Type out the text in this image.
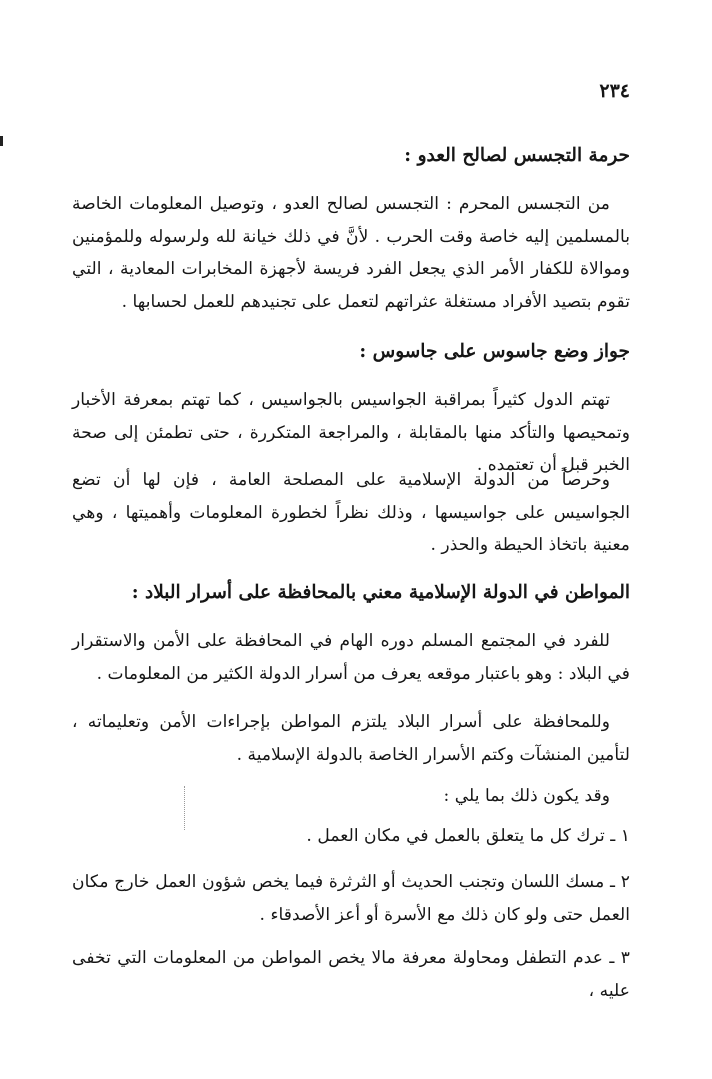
٢٣٤
حرمة التجسس لصالح العدو :
من التجسس المحرم : التجسس لصالح العدو ، وتوصيل المعلومات الخاصة بالمسلمين إليه خاصة وقت الحرب . لأنَّ في ذلك خيانة لله ولرسوله وللمؤمنين وموالاة للكفار الأمر الذي يجعل الفرد فريسة لأجهزة المخابرات المعادية ، التي تقوم بتصيد الأفراد مستغلة عثراتهم لتعمل على تجنيدهم للعمل لحسابها .
جواز وضع جاسوس على جاسوس :
تهتم الدول كثيراً بمراقبة الجواسيس بالجواسيس ، كما تهتم بمعرفة الأخبار وتمحيصها والتأكد منها بالمقابلة ، والمراجعة المتكررة ، حتى تطمئن إلى صحة الخبر قبل أن تعتمده .
وحرصاً من الدولة الإسلامية على المصلحة العامة ، فإن لها أن تضع الجواسيس على جواسيسها ، وذلك نظراً لخطورة المعلومات وأهميتها ، وهي معنية باتخاذ الحيطة والحذر .
المواطن في الدولة الإسلامية معني بالمحافظة على أسرار البلاد :
للفرد في المجتمع المسلم دوره الهام في المحافظة على الأمن والاستقرار في البلاد : وهو باعتبار موقعه يعرف من أسرار الدولة الكثير من المعلومات .
وللمحافظة على أسرار البلاد يلتزم المواطن بإجراءات الأمن وتعليماته ، لتأمين المنشآت وكتم الأسرار الخاصة بالدولة الإسلامية .
وقد يكون ذلك بما يلي :
١ ـ ترك كل ما يتعلق بالعمل في مكان العمل .
٢ ـ مسك اللسان وتجنب الحديث أو الثرثرة فيما يخص شؤون العمل خارج مكان العمل حتى ولو كان ذلك مع الأسرة أو أعز الأصدقاء .
٣ ـ عدم التطفل ومحاولة معرفة مالا يخص المواطن من المعلومات التي تخفى عليه ،
